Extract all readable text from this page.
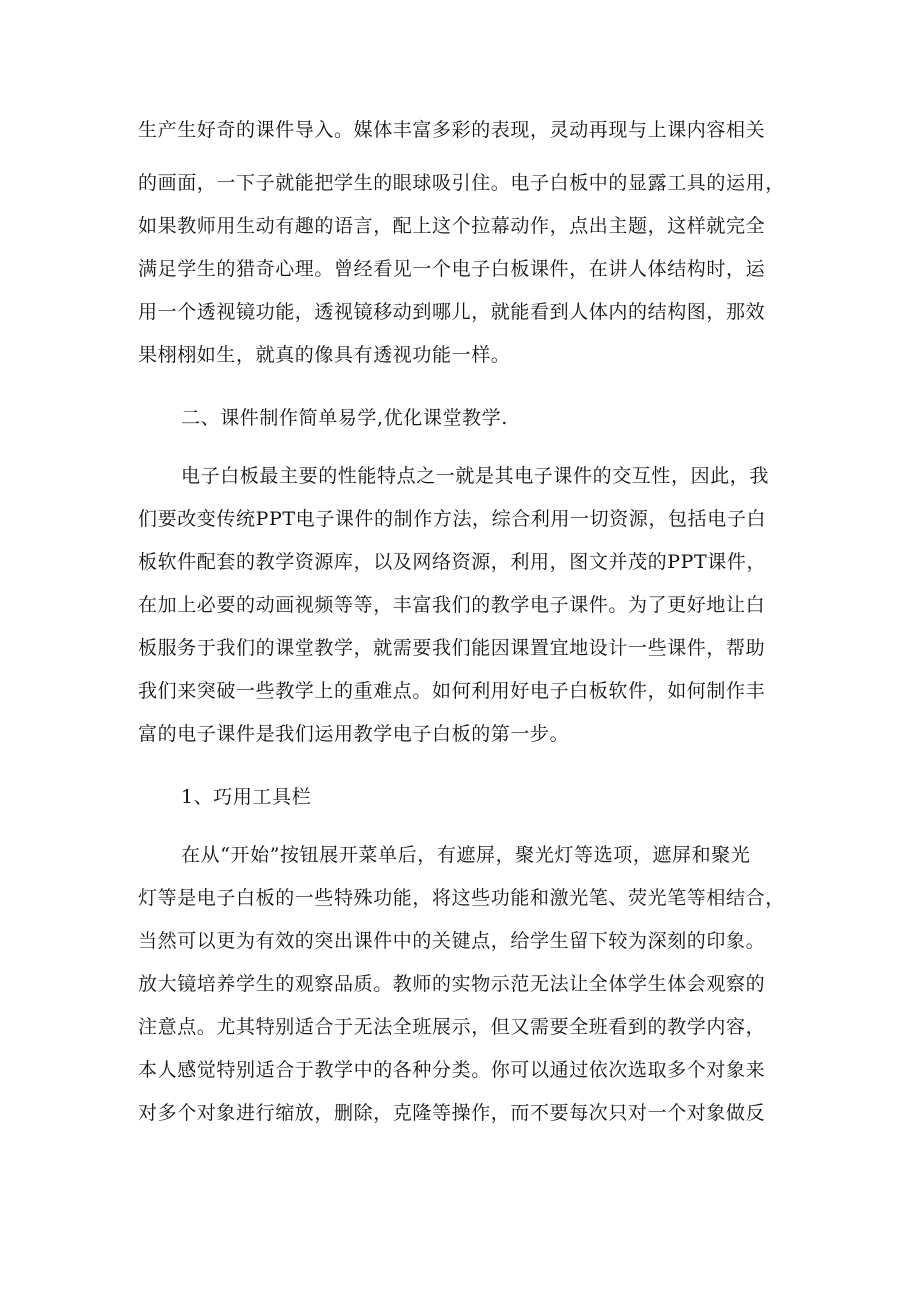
生产生好奇的课件导入。媒体丰富多彩的表现，灵动再现与上课内容相关
的画面，一下子就能把学生的眼球吸引住。电子白板中的显露工具的运用，
如果教师用生动有趣的语言，配上这个拉幕动作，点出主题，这样就完全
满足学生的猎奇心理。曾经看见一个电子白板课件，在讲人体结构时，运
用一个透视镜功能，透视镜移动到哪儿，就能看到人体内的结构图，那效
果栩栩如生，就真的像具有透视功能一样。
二、课件制作简单易学,优化课堂教学.
电子白板最主要的性能特点之一就是其电子课件的交互性，因此，我
们要改变传统PPT电子课件的制作方法，综合利用一切资源，包括电子白
板软件配套的教学资源库，以及网络资源，利用，图文并茂的PPT课件，
在加上必要的动画视频等等，丰富我们的教学电子课件。为了更好地让白
板服务于我们的课堂教学，就需要我们能因课置宜地设计一些课件，帮助
我们来突破一些教学上的重难点。如何利用好电子白板软件，如何制作丰
富的电子课件是我们运用教学电子白板的第一步。
1、巧用工具栏
在从“开始”按钮展开菜单后，有遮屏，聚光灯等选项，遮屏和聚光
灯等是电子白板的一些特殊功能，将这些功能和激光笔、荧光笔等相结合，
当然可以更为有效的突出课件中的关键点，给学生留下较为深刻的印象。
放大镜培养学生的观察品质。教师的实物示范无法让全体学生体会观察的
注意点。尤其特别适合于无法全班展示，但又需要全班看到的教学内容，
本人感觉特别适合于教学中的各种分类。你可以通过依次选取多个对象来
对多个对象进行缩放，删除，克隆等操作，而不要每次只对一个对象做反
